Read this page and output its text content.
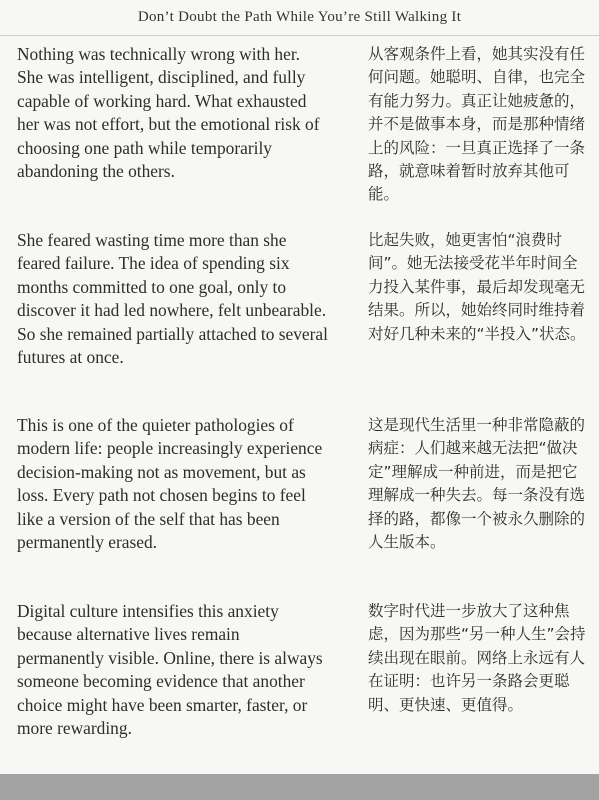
Don’t Doubt the Path While You’re Still Walking It

Nothing was technically wrong with her. She was intelligent, disciplined, and fully capable of working hard. What exhausted her was not effort, but the emotional risk of choosing one path while temporarily abandoning the others.

从客观条件上看，她其实没有任何问题。她聪明、自律，也完全有能力努力。真正让她疲惫的，并不是做事本身，而是那种情绪上的风险：一旦真正选择了一条路，就意味着暂时放弃其他可能。

She feared wasting time more than she feared failure. The idea of spending six months committed to one goal, only to discover it had led nowhere, felt unbearable. So she remained partially attached to several futures at once.

比起失败，她更害怕“浪费时间”。她无法接受花半年时间全力投入某件事，最后却发现毫无结果。所以，她始终同时维持着对好几种未来的“半投入”状态。

This is one of the quieter pathologies of modern life: people increasingly experience decision-making not as movement, but as loss. Every path not chosen begins to feel like a version of the self that has been permanently erased.

这是现代生活里一种非常隐蔽的病症：人们越来越无法把“做决定”理解成一种前进，而是把它理解成一种失去。每一条没有选择的路，都像一个被永久删除的人生版本。

Digital culture intensifies this anxiety because alternative lives remain permanently visible. Online, there is always someone becoming evidence that another choice might have been smarter, faster, or more rewarding.

数字时代进一步放大了这种焦虑，因为那些“另一种人生”会持续出现在眼前。网络上永远有人在证明：也许另一条路会更聪明、更快速、更值得。
